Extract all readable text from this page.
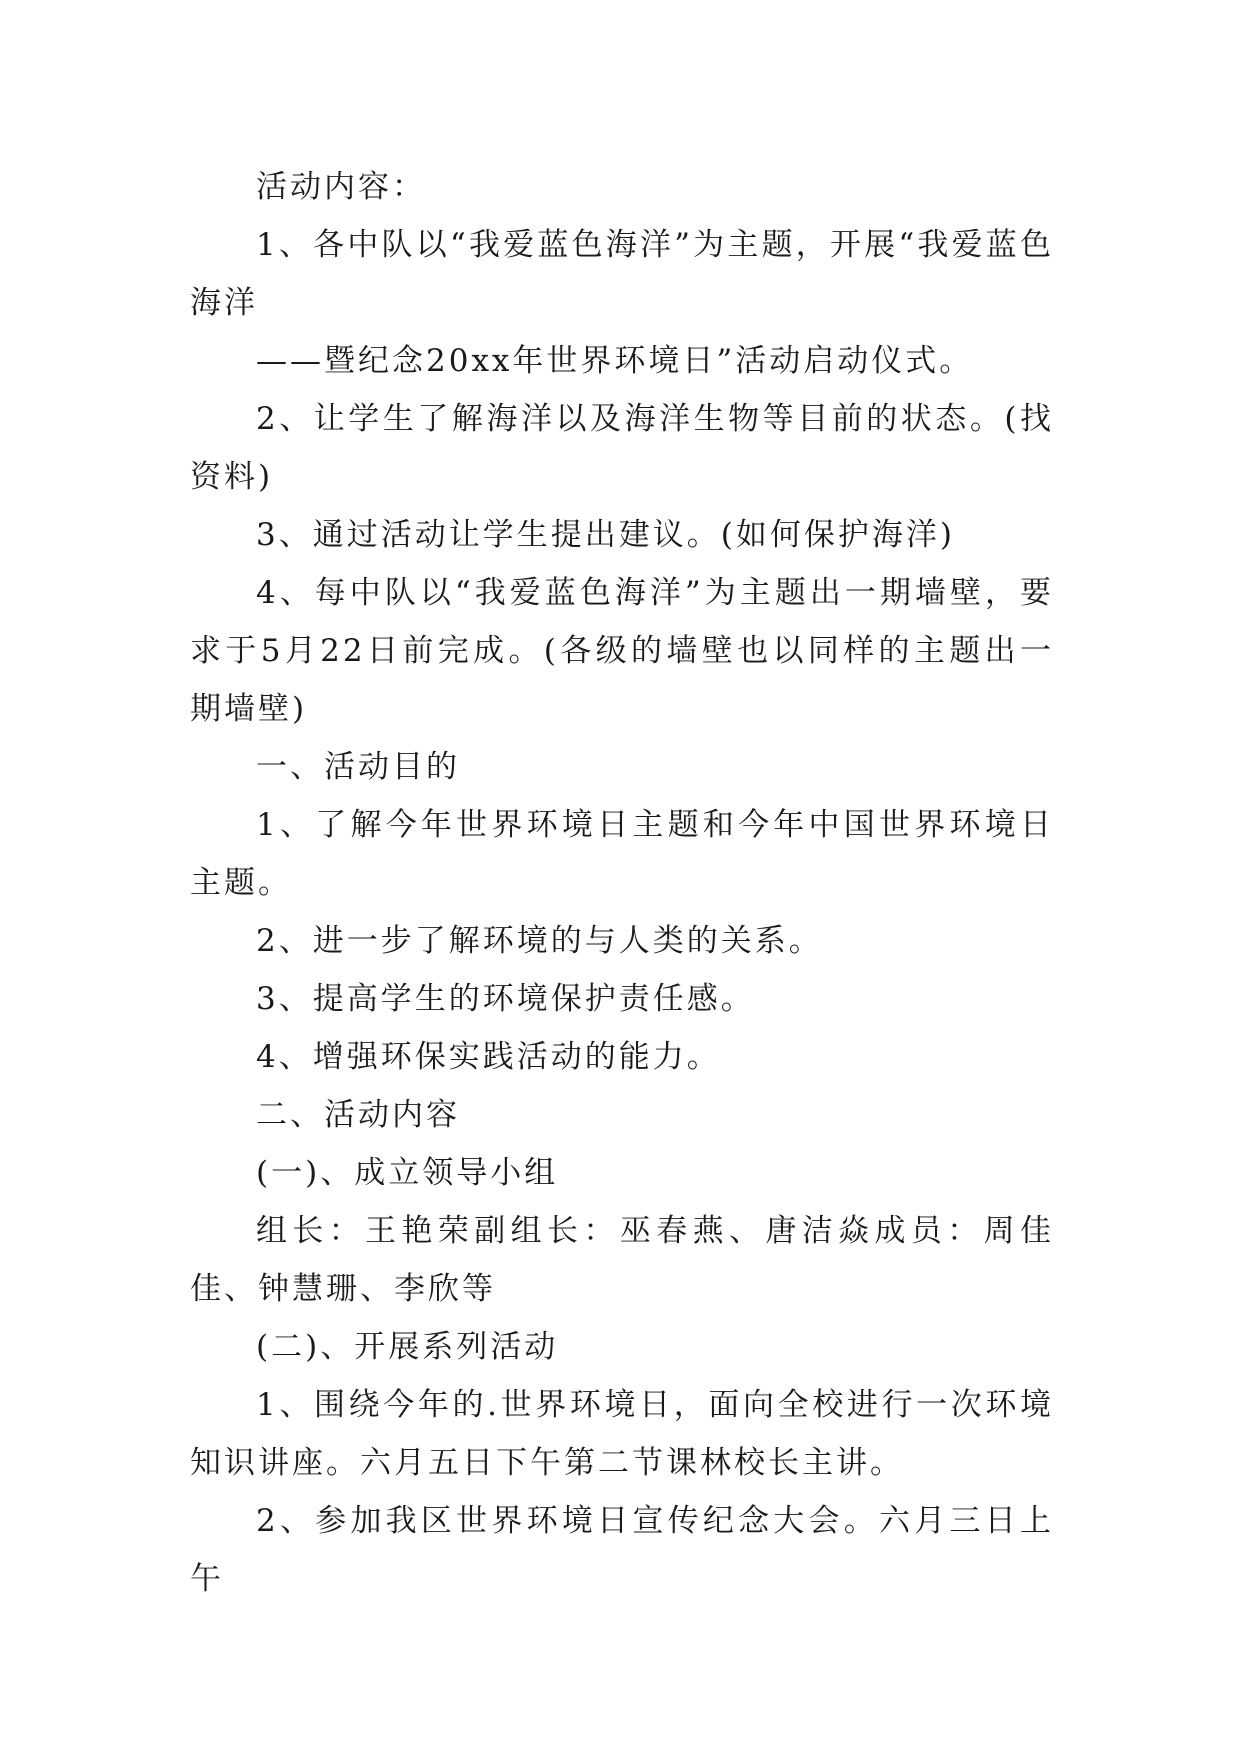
活动内容：

1、各中队以“我爱蓝色海洋”为主题，开展“我爱蓝色海洋

——暨纪念20xx年世界环境日”活动启动仪式。

2、让学生了解海洋以及海洋生物等目前的状态。(找资料)

3、通过活动让学生提出建议。(如何保护海洋)

4、每中队以“我爱蓝色海洋”为主题出一期墙壁，要求于5月22日前完成。(各级的墙壁也以同样的主题出一期墙壁)

一、活动目的

1、了解今年世界环境日主题和今年中国世界环境日主题。

2、进一步了解环境的与人类的关系。

3、提高学生的环境保护责任感。

4、增强环保实践活动的能力。

二、活动内容

(一)、成立领导小组

组长：王艳荣副组长：巫春燕、唐洁焱成员：周佳佳、钟慧珊、李欣等

(二)、开展系列活动

1、围绕今年的.世界环境日，面向全校进行一次环境知识讲座。六月五日下午第二节课林校长主讲。

2、参加我区世界环境日宣传纪念大会。六月三日上午
